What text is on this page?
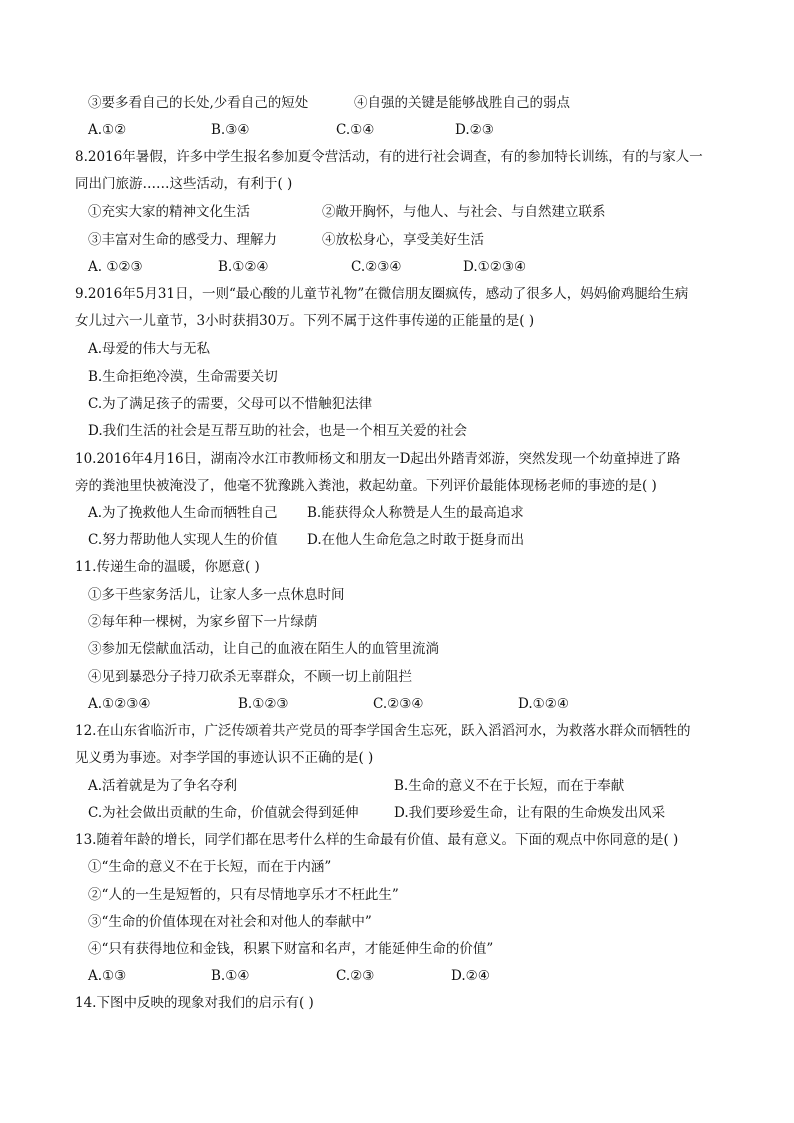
③要多看自己的长处,少看自己的短处	④自强的关键是能够战胜自己的弱点
A.①②	B.③④	C.①④	D.②③
8.2016年暑假，许多中学生报名参加夏令营活动，有的进行社会调查，有的参加特长训练，有的与家人一
同出门旅游……这些活动，有利于( )
①充实大家的精神文化生活	②敞开胸怀，与他人、与社会、与自然建立联系
③丰富对生命的感受力、理解力	④放松身心，享受美好生活
A. ①②③	B.①②④	C.②③④	D.①②③④
9.2016年5月31日，一则“最心酸的儿童节礼物”在微信朋友圈疯传，感动了很多人，妈妈偷鸡腿给生病
女儿过六一儿童节，3小时获捐30万。下列不属于这件事传递的正能量的是( )
A.母爱的伟大与无私
B.生命拒绝冷漠，生命需要关切
C.为了满足孩子的需要，父母可以不惜触犯法律
D.我们生活的社会是互帮互助的社会，也是一个相互关爱的社会
10.2016年4月16日，湖南冷水江市教师杨文和朋友一D起出外踏青郊游，突然发现一个幼童掉进了路
旁的粪池里快被淹没了，他毫不犹豫跳入粪池，救起幼童。下列评价最能体现杨老师的事迹的是( )
A.为了挽救他人生命而牺牲自己 B.能获得众人称赞是人生的最高追求
C.努力帮助他人实现人生的价值 D.在他人生命危急之时敢于挺身而出
11.传递生命的温暖，你愿意( )
①多干些家务活儿，让家人多一点休息时间
②每年种一棵树，为家乡留下一片绿荫
③参加无偿献血活动，让自己的血液在陌生人的血管里流淌
④见到暴恐分子持刀砍杀无辜群众，不顾一切上前阻拦
A.①②③④	B.①②③	C.②③④	D.①②④
12.在山东省临沂市，广泛传颂着共产党员的哥李学国舍生忘死，跃入滔滔河水，为救落水群众而牺牲的
见义勇为事迹。对李学国的事迹认识不正确的是( )
A.活着就是为了争名夺利	B.生命的意义不在于长短，而在于奉献
C.为社会做出贡献的生命，价值就会得到延伸	D.我们要珍爱生命，让有限的生命焕发出风采
13.随着年龄的增长，同学们都在思考什么样的生命最有价值、最有意义。下面的观点中你同意的是( )
①“生命的意义不在于长短，而在于内涵”
②“人的一生是短暂的，只有尽情地享乐才不枉此生”
③“生命的价值体现在对社会和对他人的奉献中”
④“只有获得地位和金钱，积累下财富和名声，才能延伸生命的价值”
A.①③	B.①④	C.②③	D.②④
14.下图中反映的现象对我们的启示有( )
